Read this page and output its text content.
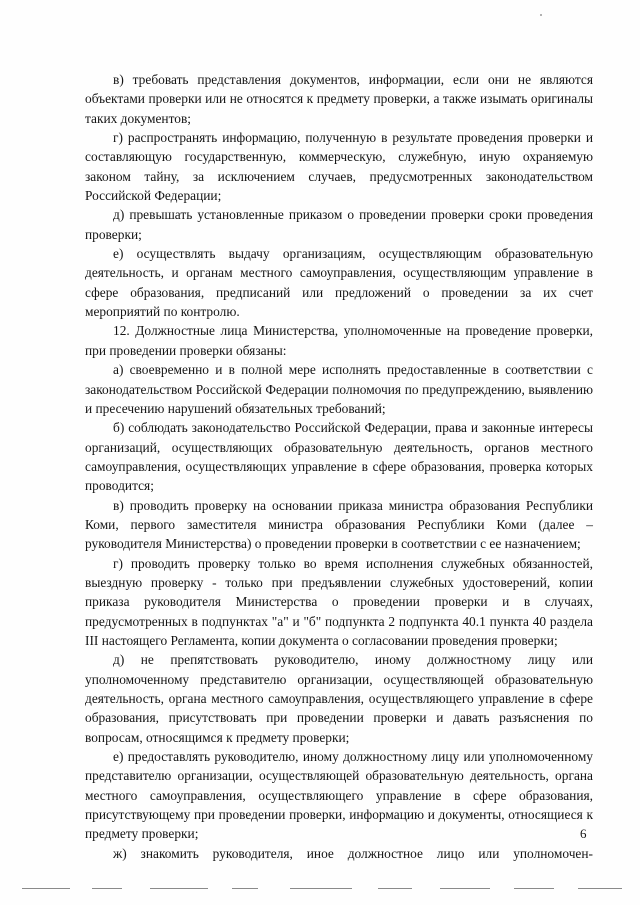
в) требовать представления документов, информации, если они не являются объектами проверки или не относятся к предмету проверки, а также изымать оригиналы таких документов;

г) распространять информацию, полученную в результате проведения проверки и составляющую государственную, коммерческую, служебную, иную охраняемую законом тайну, за исключением случаев, предусмотренных законодательством Российской Федерации;

д) превышать установленные приказом о проведении проверки сроки проведения проверки;

е) осуществлять выдачу организациям, осуществляющим образовательную деятельность, и органам местного самоуправления, осуществляющим управление в сфере образования, предписаний или предложений о проведении за их счет мероприятий по контролю.

12. Должностные лица Министерства, уполномоченные на проведение проверки, при проведении проверки обязаны:

а) своевременно и в полной мере исполнять предоставленные в соответствии с законодательством Российской Федерации полномочия по предупреждению, выявлению и пресечению нарушений обязательных требований;

б) соблюдать законодательство Российской Федерации, права и законные интересы организаций, осуществляющих образовательную деятельность, органов местного самоуправления, осуществляющих управление в сфере образования, проверка которых проводится;

в) проводить проверку на основании приказа министра образования Республики Коми, первого заместителя министра образования Республики Коми (далее – руководителя Министерства) о проведении проверки в соответствии с ее назначением;

г) проводить проверку только во время исполнения служебных обязанностей, выездную проверку - только при предъявлении служебных удостоверений, копии приказа руководителя Министерства о проведении проверки и в случаях, предусмотренных в подпунктах "а" и "б" подпункта 2 подпункта 40.1 пункта 40 раздела III настоящего Регламента, копии документа о согласовании проведения проверки;

д) не препятствовать руководителю, иному должностному лицу или уполномоченному представителю организации, осуществляющей образовательную деятельность, органа местного самоуправления, осуществляющего управление в сфере образования, присутствовать при проведении проверки и давать разъяснения по вопросам, относящимся к предмету проверки;

е) предоставлять руководителю, иному должностному лицу или уполномоченному представителю организации, осуществляющей образовательную деятельность, органа местного самоуправления, осуществляющего управление в сфере образования, присутствующему при проведении проверки, информацию и документы, относящиеся к предмету проверки;

ж) знакомить руководителя, иное должностное лицо или уполномочен-

6
